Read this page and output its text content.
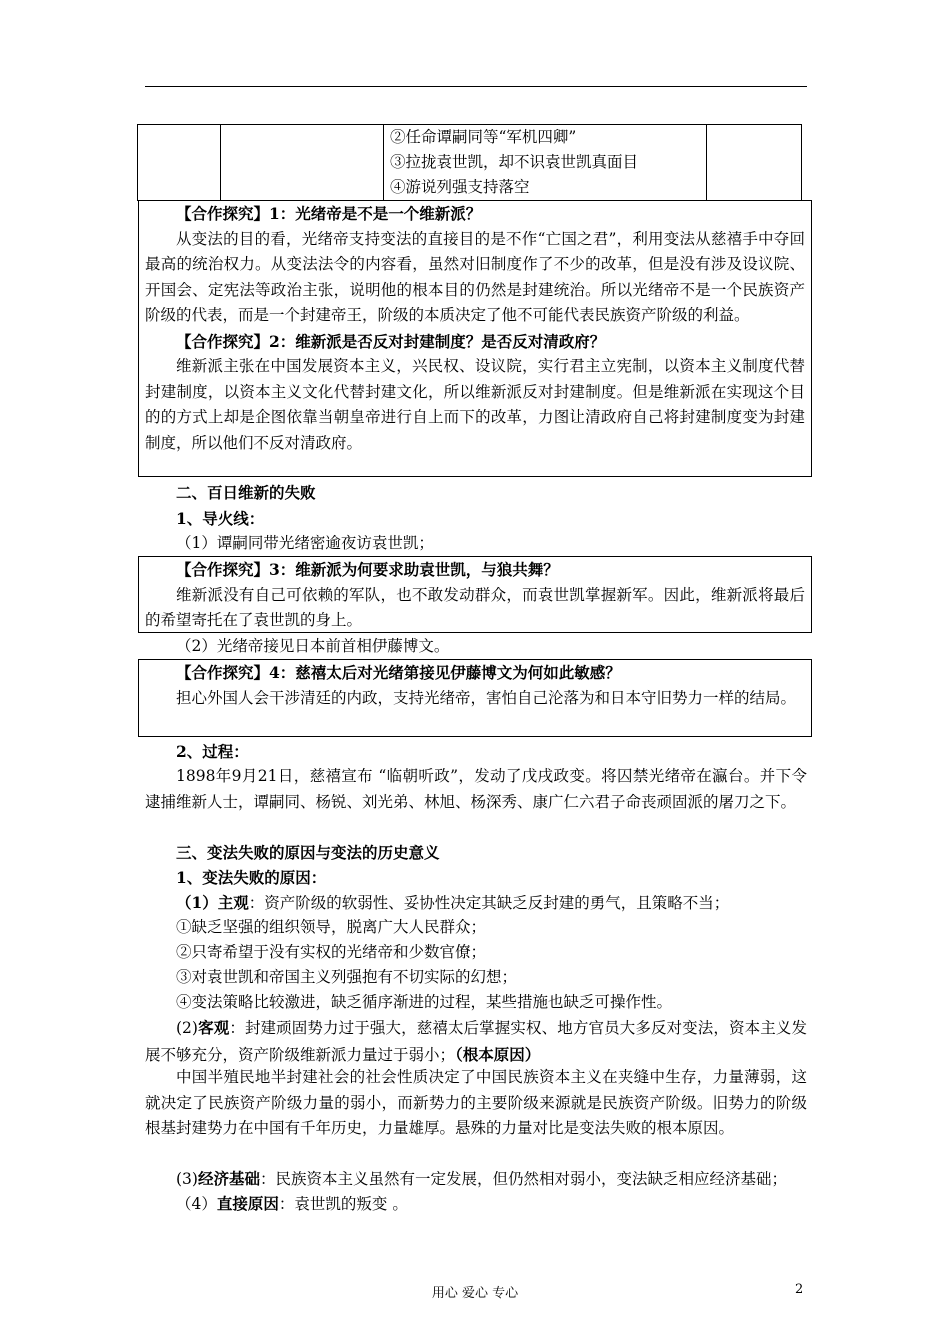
②任命谭嗣同等“军机四卿”
③拉拢袁世凯，却不识袁世凯真面目
④游说列强支持落空

【合作探究】1：光绪帝是不是一个维新派？
从变法的目的看，光绪帝支持变法的直接目的是不作“亡国之君”，利用变法从慈禧手中夺回最高的统治权力。从变法法令的内容看，虽然对旧制度作了不少的改革，但是没有涉及设议院、开国会、定宪法等政治主张，说明他的根本目的仍然是封建统治。所以光绪帝不是一个民族资产阶级的代表，而是一个封建帝王，阶级的本质决定了他不可能代表民族资产阶级的利益。
【合作探究】2：维新派是否反对封建制度？是否反对清政府？
维新派主张在中国发展资本主义，兴民权、设议院，实行君主立宪制，以资本主义制度代替封建制度，以资本主义文化代替封建文化，所以维新派反对封建制度。但是维新派在实现这个目的的方式上却是企图依靠当朝皇帝进行自上而下的改革，力图让清政府自己将封建制度变为封建制度，所以他们不反对清政府。
二、百日维新的失败
1、导火线：
（1）谭嗣同带光绪密逾夜访袁世凯；
【合作探究】3：维新派为何要求助袁世凯，与狼共舞？
维新派没有自己可依赖的军队，也不敢发动群众，而袁世凯掌握新军。因此，维新派将最后的希望寄托在了袁世凯的身上。
（2）光绪帝接见日本前首相伊藤博文。
【合作探究】4：慈禧太后对光绪第接见伊藤博文为何如此敏感？
担心外国人会干涉清廷的内政，支持光绪帝，害怕自己沦落为和日本守旧势力一样的结局。
2、过程：
1898年9月21日，慈禧宣布 “临朝听政”，发动了戊戌政变。将囚禁光绪帝在瀛台。并下令逮捕维新人士，谭嗣同、杨锐、刘光弟、林旭、杨深秀、康广仁六君子命丧顽固派的屠刀之下。
三、变法失败的原因与变法的历史意义
1、变法失败的原因：
（1）主观：资产阶级的软弱性、妥协性决定其缺乏反封建的勇气，且策略不当；
①缺乏坚强的组织领导，脱离广大人民群众；
②只寄希望于没有实权的光绪帝和少数官僚；
③对袁世凯和帝国主义列强抱有不切实际的幻想；
④变法策略比较激进，缺乏循序渐进的过程，某些措施也缺乏可操作性。
(2)客观：封建顽固势力过于强大，慈禧太后掌握实权、地方官员大多反对变法，资本主义发展不够充分，资产阶级维新派力量过于弱小；（根本原因）
中国半殖民地半封建社会的社会性质决定了中国民族资本主义在夹缝中生存，力量薄弱，这就决定了民族资产阶级力量的弱小，而新势力的主要阶级来源就是民族资产阶级。旧势力的阶级根基封建势力在中国有千年历史，力量雄厚。悬殊的力量对比是变法失败的根本原因。
(3)经济基础：民族资本主义虽然有一定发展，但仍然相对弱小，变法缺乏相应经济基础；
（4）直接原因：袁世凯的叛变 。
用心 爱心 专心	2
